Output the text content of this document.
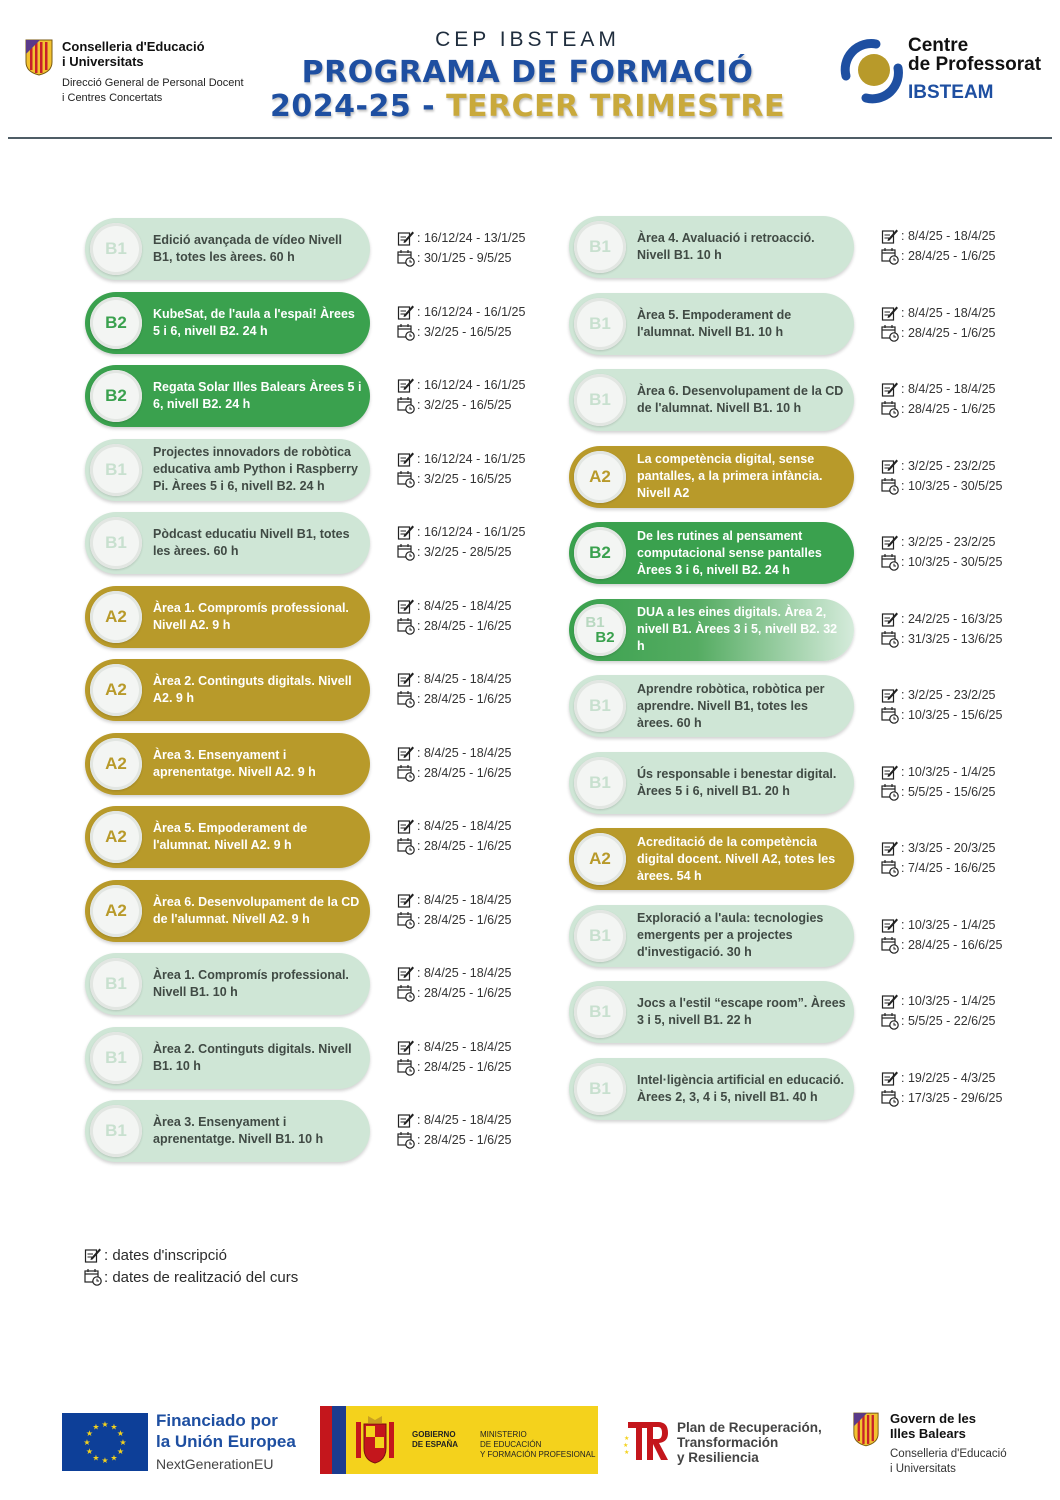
Conselleria d'Educació
i Universitats
Direcció General de Personal Docent
i Centres Concertats
CEP IBSTEAM
PROGRAMA DE FORMACIÓ
2024-25 - TERCER TRIMESTRE
Centre
de Professorat
IBSTEAM
B1 Edició avançada de vídeo Nivell B1, totes les àrees. 60 h
: 16/12/24 - 13/1/25
: 30/1/25 - 9/5/25
B2 KubeSat, de l'aula a l'espai! Àrees 5 i 6, nivell B2. 24 h
: 16/12/24 - 16/1/25
: 3/2/25 - 16/5/25
B2 Regata Solar Illes Balears Àrees 5 i 6, nivell B2. 24 h
: 16/12/24 - 16/1/25
: 3/2/25 - 16/5/25
B1
Projectes innovadors de robòtica educativa amb Python i Raspberry Pi. Àrees 5 i 6, nivell B2. 24 h
: 16/12/24 - 16/1/25
: 3/2/25 - 16/5/25
B1 Pòdcast educatiu Nivell B1, totes les àrees. 60 h
: 16/12/24 - 16/1/25
: 3/2/25 - 28/5/25
A2 Àrea 1. Compromís professional. Nivell A2. 9 h
: 8/4/25 - 18/4/25
: 28/4/25 - 1/6/25
A2 Àrea 2. Continguts digitals. Nivell A2. 9 h
: 8/4/25 - 18/4/25
: 28/4/25 - 1/6/25
A2 Àrea 3. Ensenyament i aprenentatge. Nivell A2. 9 h
: 8/4/25 - 18/4/25
: 28/4/25 - 1/6/25
A2 Àrea 5. Empoderament de l'alumnat. Nivell A2. 9 h
: 8/4/25 - 18/4/25
: 28/4/25 - 1/6/25
A2 Àrea 6. Desenvolupament de la CD de l'alumnat. Nivell A2. 9 h
: 8/4/25 - 18/4/25
: 28/4/25 - 1/6/25
B1 Àrea 1. Compromís professional. Nivell B1. 10 h
: 8/4/25 - 18/4/25
: 28/4/25 - 1/6/25
B1 Àrea 2. Continguts digitals. Nivell B1. 10 h
: 8/4/25 - 18/4/25
: 28/4/25 - 1/6/25
B1 Àrea 3. Ensenyament i aprenentatge. Nivell B1. 10 h
: 8/4/25 - 18/4/25
: 28/4/25 - 1/6/25
B1 Àrea 4. Avaluació i retroacció. Nivell B1. 10 h
: 8/4/25 - 18/4/25
: 28/4/25 - 1/6/25
B1 Àrea 5. Empoderament de l'alumnat. Nivell B1. 10 h
: 8/4/25 - 18/4/25
: 28/4/25 - 1/6/25
B1 Àrea 6. Desenvolupament de la CD de l'alumnat. Nivell B1. 10 h
: 8/4/25 - 18/4/25
: 28/4/25 - 1/6/25
A2
La competència digital, sense pantalles, a la primera infància. Nivell A2
: 3/2/25 - 23/2/25
: 10/3/25 - 30/5/25
B2
De les rutines al pensament computacional sense pantalles Àrees 3 i 6, nivell B2. 24 h
: 3/2/25 - 23/2/25
: 10/3/25 - 30/5/25
B1
B2
DUA a les eines digitals. Àrea 2, nivell B1. Àrees 3 i 5, nivell B2. 32 h
: 24/2/25 - 16/3/25
: 31/3/25 - 13/6/25
B1
Aprendre robòtica, robòtica per aprendre. Nivell B1, totes les àrees. 60 h
: 3/2/25 - 23/2/25
: 10/3/25 - 15/6/25
B1 Ús responsable i benestar digital. Àrees 5 i 6, nivell B1. 20 h
: 10/3/25 - 1/4/25
: 5/5/25 - 15/6/25
A2
Acreditació de la competència digital docent. Nivell A2, totes les àrees. 54 h
: 3/3/25 - 20/3/25
: 7/4/25 - 16/6/25
B1
Exploració a l'aula: tecnologies emergents per a projectes d'investigació. 30 h
: 10/3/25 - 1/4/25
: 28/4/25 - 16/6/25
B1 Jocs a l'estil “escape room”. Àrees 3 i 5, nivell B1. 22 h
: 10/3/25 - 1/4/25
: 5/5/25 - 22/6/25
B1 Intel·ligència artificial en educació. Àrees 2, 3, 4 i 5, nivell B1. 40 h
: 19/2/25 - 4/3/25
: 17/3/25 - 29/6/25
: dates d'inscripció
: dates de realització del curs
★ ★
★
★
★
★
★
★
★
★
★
★	Financiado por
la Unión Europea
NextGenerationEU
GOBIERNO
DE ESPAÑA
MINISTERIO
DE EDUCACIÓN
Y FORMACIÓN PROFESIONAL
★
★
★
Plan de Recuperación,
Transformación
y Resiliencia
Govern de les
Illes Balears
Conselleria d'Educació
i Universitats
